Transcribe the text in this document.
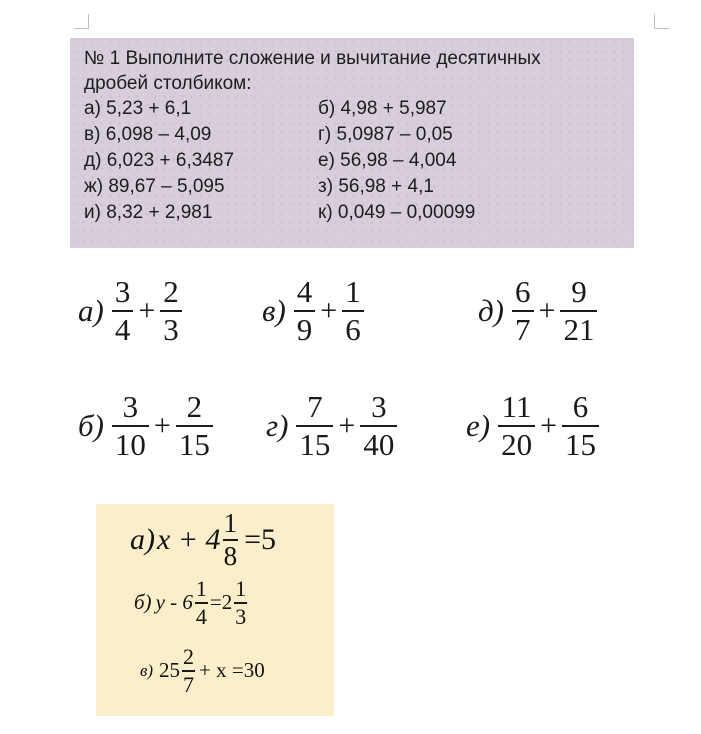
№ 1 Выполните сложение и вычитание десятичных
дробей столбиком:
а) 5,23 + 6,1	б) 4,98 + 5,987
в) 6,098 – 4,09	г) 5,0987 – 0,05
д) 6,023 + 6,3487	е) 56,98 – 4,004
ж) 89,67 – 5,095	з) 56,98 + 4,1
и) 8,32 + 2,981	к) 0,049 – 0,00099
$а) \frac{3}{4} + \frac{2}{3}$	$в) \frac{4}{9} + \frac{1}{6}$	$д) \frac{6}{7} + \frac{9}{21}$
$б) \frac{3}{10} + \frac{2}{15} г) \frac{7}{15} + \frac{3}{40} е) \frac{11}{20} + \frac{6}{15}$
а) $x + 4 \frac{1}{8} =5$
б) $y - 6 \frac{1}{4} =2 \frac{1}{3}$
в) $25 \frac{2}{7} + x =30$
